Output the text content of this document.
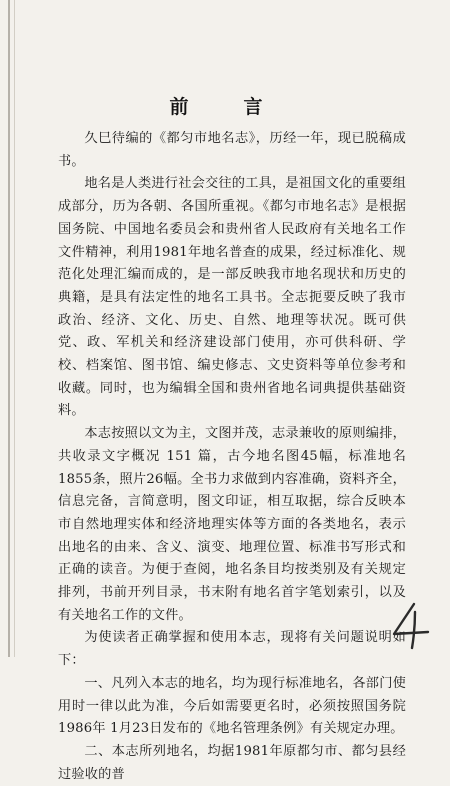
前　言

久巳待编的《都匀市地名志》，历经一年，现已脱稿成书。

地名是人类进行社会交往的工具，是祖国文化的重要组成部分，历为各朝、各国所重视。《都匀市地名志》是根据国务院、中国地名委员会和贵州省人民政府有关地名工作文件精神，利用1981年地名普查的成果，经过标准化、规范化处理汇编而成的，是一部反映我市地名现状和历史的典籍，是具有法定性的地名工具书。全志扼要反映了我市政治、经济、文化、历史、自然、地理等状况。既可供党、政、军机关和经济建设部门使用，亦可供科研、学校、档案馆、图书馆、编史修志、文史资料等单位参考和收藏。同时，也为编辑全国和贵州省地名词典提供基础资料。

本志按照以文为主，文图并茂，志录兼收的原则编排，共收录文字概况 151 篇，古今地名图45幅，标准地名1855条，照片26幅。全书力求做到内容准确，资料齐全，信息完备，言简意明，图文印证，相互取据，综合反映本市自然地理实体和经济地理实体等方面的各类地名，表示出地名的由来、含义、演变、地理位置、标准书写形式和正确的读音。为便于查阅，地名条目均按类别及有关规定排列，书前开列目录，书末附有地名首字笔划索引，以及有关地名工作的文件。

为使读者正确掌握和使用本志，现将有关问题说明如下：

一、凡列入本志的地名，均为现行标准地名，各部门使用时一律以此为准，今后如需要更名时，必须按照国务院1986年 1月23日发布的《地名管理条例》有关规定办理。

二、本志所列地名，均据1981年原都匀市、都匀县经过验收的普
